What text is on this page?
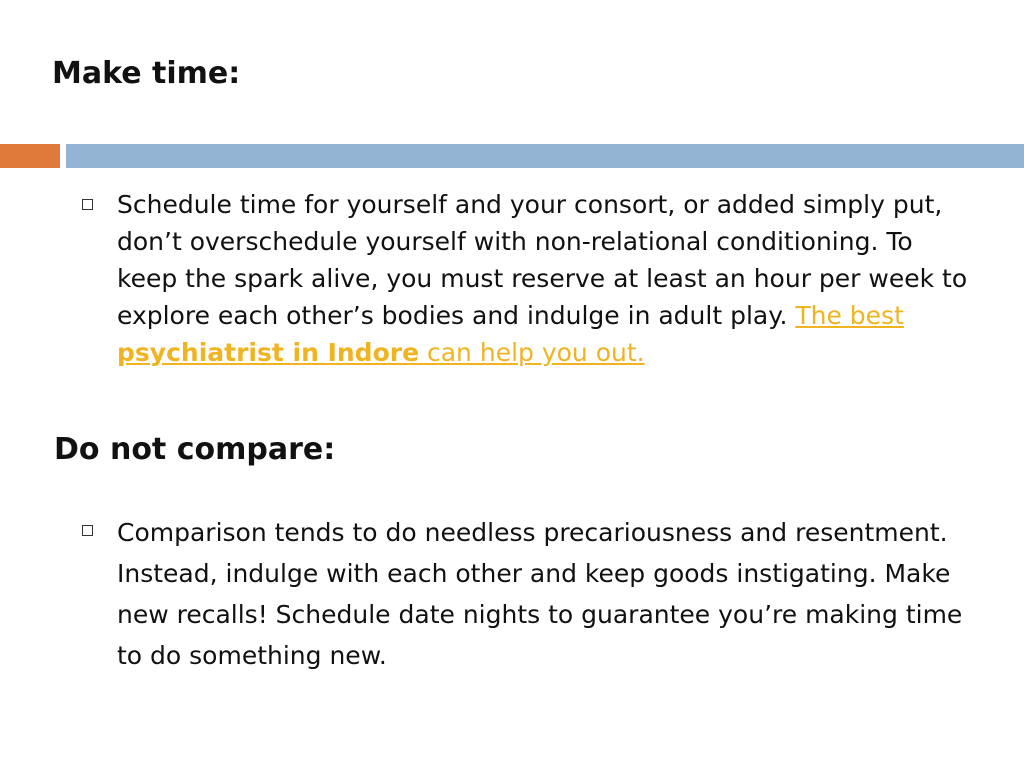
Make time:
Schedule time for yourself and your consort, or added simply put, don’t overschedule yourself with non-relational conditioning. To keep the spark alive, you must reserve at least an hour per week to explore each other’s bodies and indulge in adult play. The best psychiatrist in Indore can help you out.
Do not compare:
Comparison tends to do needless precariousness and resentment. Instead, indulge with each other and keep goods instigating. Make new recalls! Schedule date nights to guarantee you’re making time to do something new.
